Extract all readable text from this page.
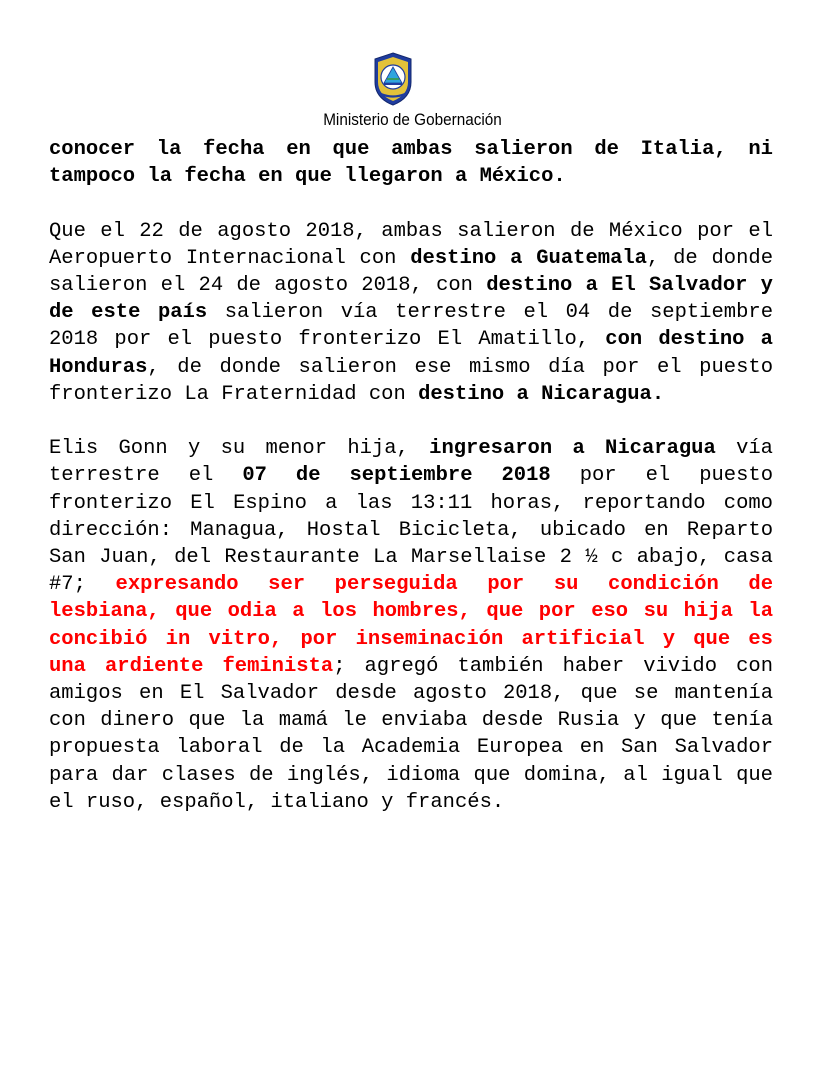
Ministerio de Gobernación

conocer la fecha en que ambas salieron de Italia, ni tampoco la fecha en que llegaron a México.

Que el 22 de agosto 2018, ambas salieron de México por el Aeropuerto Internacional con destino a Guatemala, de donde salieron el 24 de agosto 2018, con destino a El Salvador y de este país salieron vía terrestre el 04 de septiembre 2018 por el puesto fronterizo El Amatillo, con destino a Honduras, de donde salieron ese mismo día por el puesto fronterizo La Fraternidad con destino a Nicaragua.

Elis Gonn y su menor hija, ingresaron a Nicaragua vía terrestre el 07 de septiembre 2018 por el puesto fronterizo El Espino a las 13:11 horas, reportando como dirección: Managua, Hostal Bicicleta, ubicado en Reparto San Juan, del Restaurante La Marsellaise 2 ½ c abajo, casa #7; expresando ser perseguida por su condición de lesbiana, que odia a los hombres, que por eso su hija la concibió in vitro, por inseminación artificial y que es una ardiente feminista; agregó también haber vivido con amigos en El Salvador desde agosto 2018, que se mantenía con dinero que la mamá le enviaba desde Rusia y que tenía propuesta laboral de la Academia Europea en San Salvador para dar clases de inglés, idioma que domina, al igual que el ruso, español, italiano y francés.
